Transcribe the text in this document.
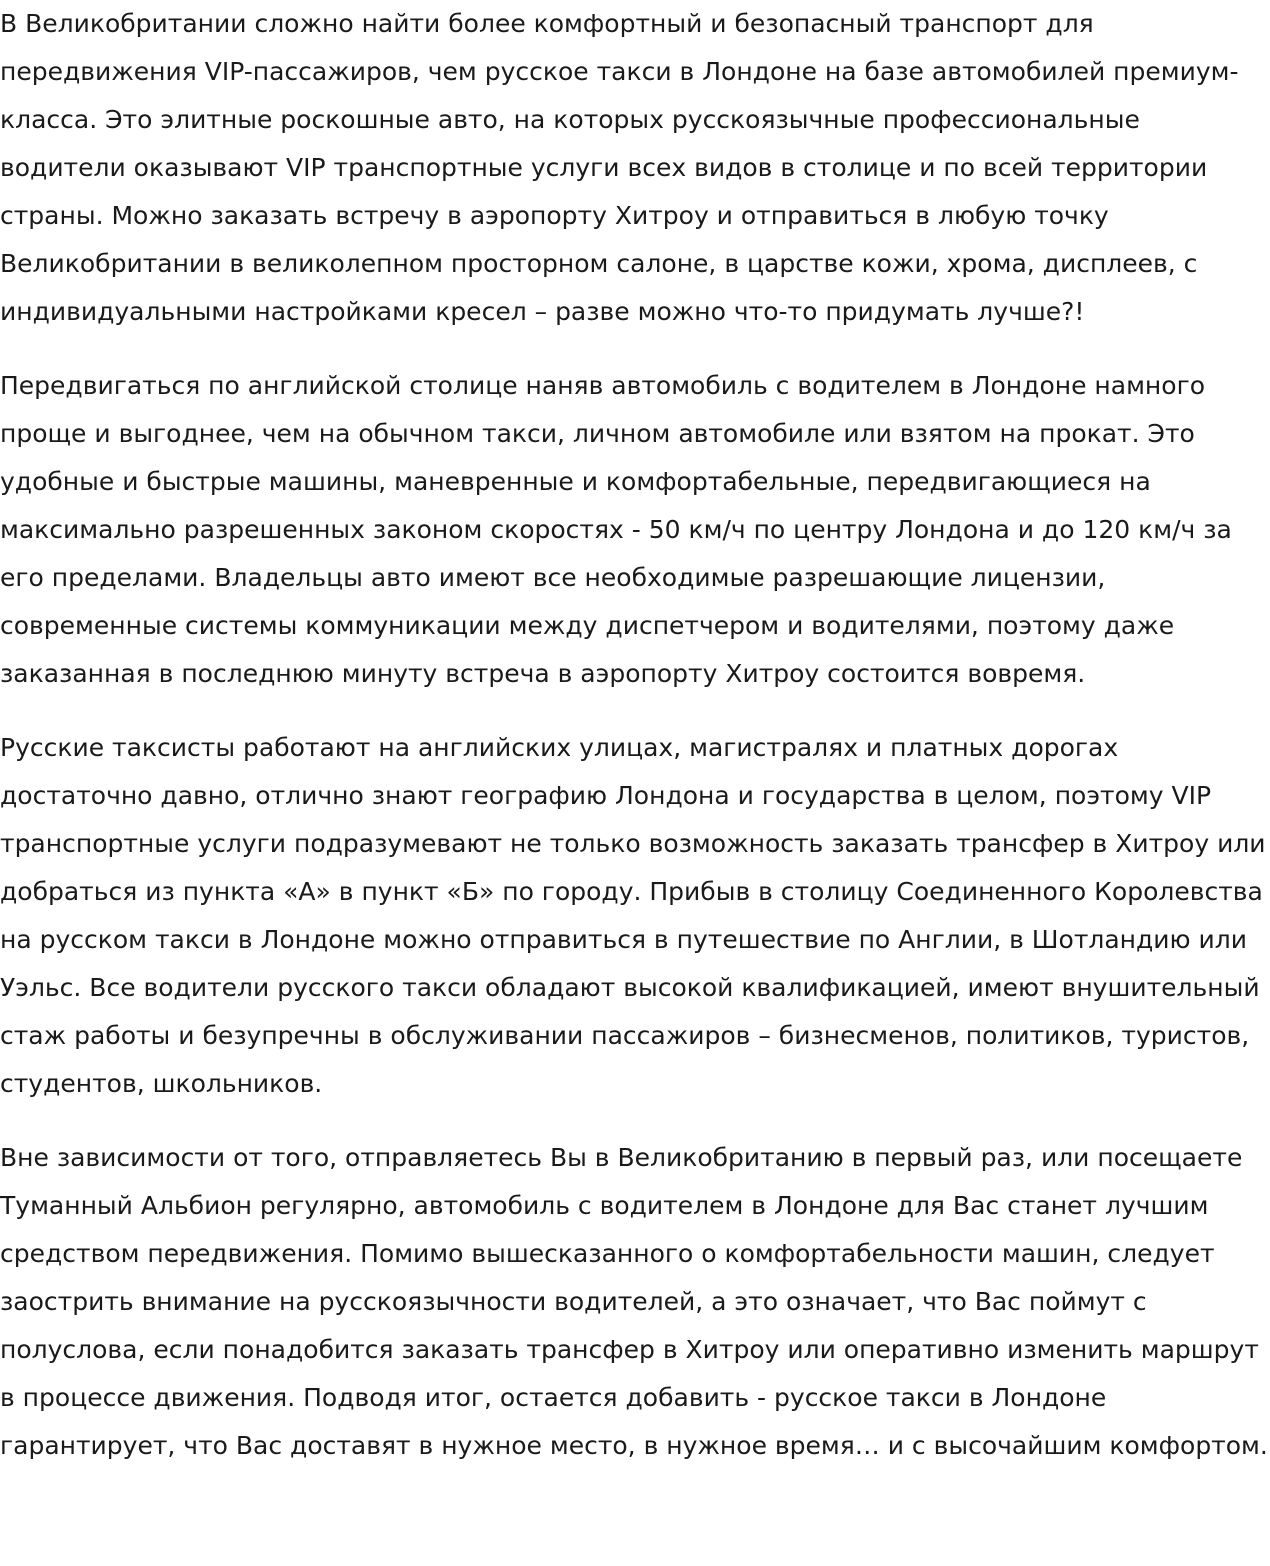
В Великобритании сложно найти более комфортный и безопасный транспорт для передвижения VIP-пассажиров, чем русское такси в Лондоне на базе автомобилей премиум-класса. Это элитные роскошные авто, на которых русскоязычные профессиональные водители оказывают VIP транспортные услуги всех видов в столице и по всей территории страны. Можно заказать встречу в аэропорту Хитроу и отправиться в любую точку Великобритании в великолепном просторном салоне, в царстве кожи, хрома, дисплеев, с индивидуальными настройками кресел – разве можно что-то придумать лучше?!

Передвигаться по английской столице наняв автомобиль с водителем в Лондоне намного проще и выгоднее, чем на обычном такси, личном автомобиле или взятом на прокат. Это удобные и быстрые машины, маневренные и комфортабельные, передвигающиеся на максимально разрешенных законом скоростях - 50 км/ч по центру Лондона и до 120 км/ч за его пределами. Владельцы авто имеют все необходимые разрешающие лицензии, современные системы коммуникации между диспетчером и водителями, поэтому даже заказанная в последнюю минуту встреча в аэропорту Хитроу состоится вовремя.

Русские таксисты работают на английских улицах, магистралях и платных дорогах достаточно давно, отлично знают географию Лондона и государства в целом, поэтому VIP транспортные услуги подразумевают не только возможность заказать трансфер в Хитроу или добраться из пункта «А» в пункт «Б» по городу. Прибыв в столицу Соединенного Королевства на русском такси в Лондоне можно отправиться в путешествие по Англии, в Шотландию или Уэльс. Все водители русского такси обладают высокой квалификацией, имеют внушительный стаж работы и безупречны в обслуживании пассажиров – бизнесменов, политиков, туристов, студентов, школьников.

Вне зависимости от того, отправляетесь Вы в Великобританию в первый раз, или посещаете Туманный Альбион регулярно, автомобиль с водителем в Лондоне для Вас станет лучшим средством передвижения. Помимо вышесказанного о комфортабельности машин, следует заострить внимание на русскоязычности водителей, а это означает, что Вас поймут с полуслова, если понадобится заказать трансфер в Хитроу или оперативно изменить маршрут в процессе движения. Подводя итог, остается добавить - русское такси в Лондоне гарантирует, что Вас доставят в нужное место, в нужное время… и с высочайшим комфортом.
